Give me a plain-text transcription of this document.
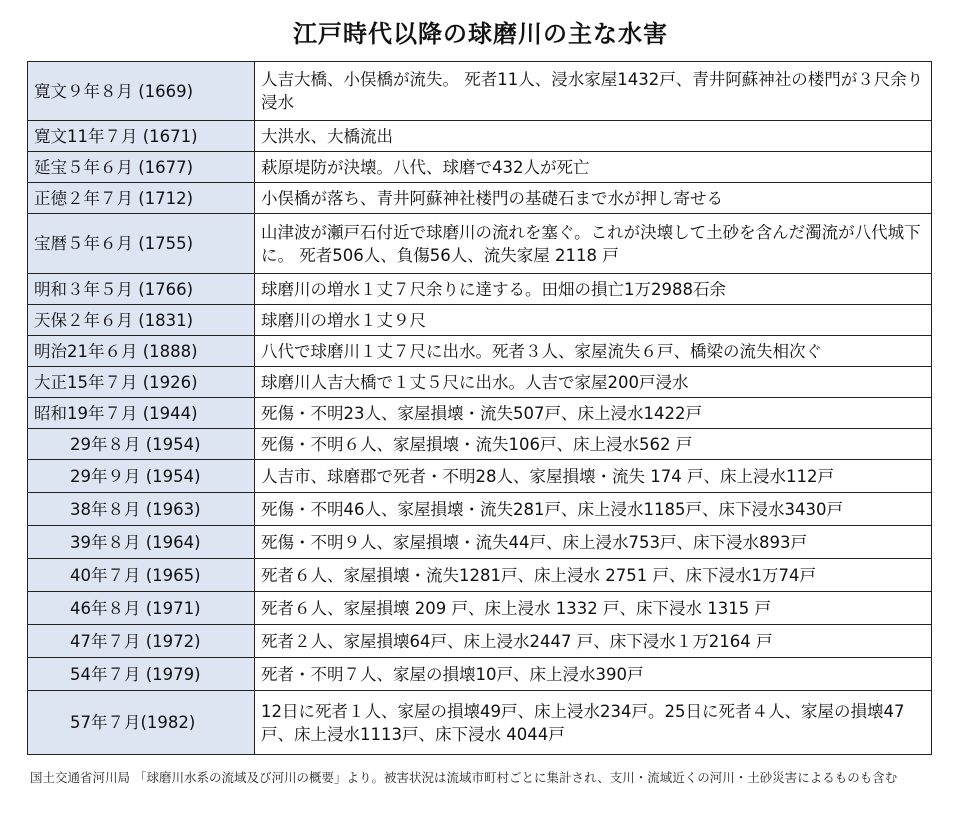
江戸時代以降の球磨川の主な水害
寛文９年８月 (1669)	人吉大橋、小俣橋が流失。 死者11人、浸水家屋1432戸、青井阿蘇神社の楼門が３尺余り浸水
寛文11年７月 (1671)	大洪水、大橋流出
延宝５年６月 (1677)	萩原堤防が決壊。八代、球磨で432人が死亡
正徳２年７月 (1712)	小俣橋が落ち、青井阿蘇神社楼門の基礎石まで水が押し寄せる
宝暦５年６月 (1755)	山津波が瀬戸石付近で球磨川の流れを塞ぐ。これが決壊して土砂を含んだ濁流が八代城下に。 死者506人、負傷56人、流失家屋 2118 戸
明和３年５月 (1766)	球磨川の増水１丈７尺余りに達する。田畑の損亡1万2988石余
天保２年６月 (1831)	球磨川の増水１丈９尺
明治21年６月 (1888)	八代で球磨川１丈７尺に出水。死者３人、家屋流失６戸、橋梁の流失相次ぐ
大正15年７月 (1926)	球磨川人吉大橋で１丈５尺に出水。人吉で家屋200戸浸水
昭和19年７月 (1944)	死傷・不明23人、家屋損壊・流失507戸、床上浸水1422戸
29年８月 (1954)	死傷・不明６人、家屋損壊・流失106戸、床上浸水562 戸
29年９月 (1954)	人吉市、球磨郡で死者・不明28人、家屋損壊・流失 174 戸、床上浸水112戸
38年８月 (1963)	死傷・不明46人、家屋損壊・流失281戸、床上浸水1185戸、床下浸水3430戸
39年８月 (1964)	死傷・不明９人、家屋損壊・流失44戸、床上浸水753戸、床下浸水893戸
40年７月 (1965)	死者６人、家屋損壊・流失1281戸、床上浸水 2751 戸、床下浸水1万74戸
46年８月 (1971)	死者６人、家屋損壊 209 戸、床上浸水 1332 戸、床下浸水 1315 戸
47年７月 (1972)	死者２人、家屋損壊64戸、床上浸水2447 戸、床下浸水１万2164 戸
54年７月 (1979)	死者・不明７人、家屋の損壊10戸、床上浸水390戸
57年７月(1982)	12日に死者１人、家屋の損壊49戸、床上浸水234戸。25日に死者４人、家屋の損壊47戸、床上浸水1113戸、床下浸水 4044戸
国土交通省河川局 「球磨川水系の流域及び河川の概要」より。被害状況は流域市町村ごとに集計され、支川・流域近くの河川・土砂災害によるものも含む
